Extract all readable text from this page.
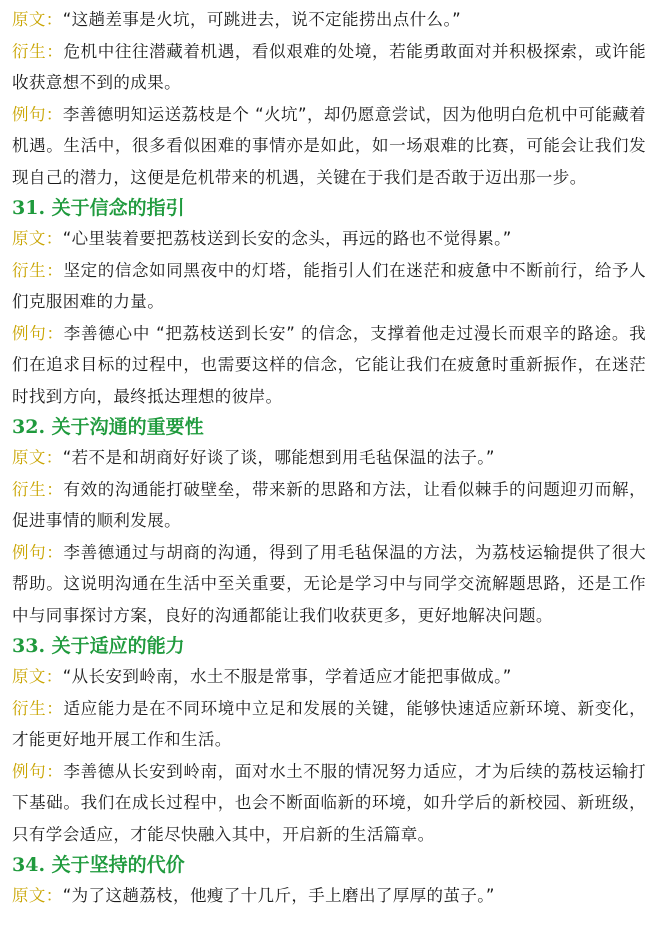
原文：“这趟差事是火坑，可跳进去，说不定能捞出点什么。”

衍生：危机中往往潜藏着机遇，看似艰难的处境，若能勇敢面对并积极探索，或许能收获意想不到的成果。

例句：李善德明知运送荔枝是个 “火坑”，却仍愿意尝试，因为他明白危机中可能藏着机遇。生活中，很多看似困难的事情亦是如此，如一场艰难的比赛，可能会让我们发现自己的潜力，这便是危机带来的机遇，关键在于我们是否敢于迈出那一步。

31. 关于信念的指引

原文：“心里装着要把荔枝送到长安的念头，再远的路也不觉得累。”

衍生：坚定的信念如同黑夜中的灯塔，能指引人们在迷茫和疲惫中不断前行，给予人们克服困难的力量。

例句：李善德心中 “把荔枝送到长安” 的信念，支撑着他走过漫长而艰辛的路途。我们在追求目标的过程中，也需要这样的信念，它能让我们在疲惫时重新振作，在迷茫时找到方向，最终抵达理想的彼岸。

32. 关于沟通的重要性

原文：“若不是和胡商好好谈了谈，哪能想到用毛毡保温的法子。”

衍生：有效的沟通能打破壁垒，带来新的思路和方法，让看似棘手的问题迎刃而解，促进事情的顺利发展。

例句：李善德通过与胡商的沟通，得到了用毛毡保温的方法，为荔枝运输提供了很大帮助。这说明沟通在生活中至关重要，无论是学习中与同学交流解题思路，还是工作中与同事探讨方案，良好的沟通都能让我们收获更多，更好地解决问题。

33. 关于适应的能力

原文：“从长安到岭南，水土不服是常事，学着适应才能把事做成。”

衍生：适应能力是在不同环境中立足和发展的关键，能够快速适应新环境、新变化，才能更好地开展工作和生活。

例句：李善德从长安到岭南，面对水土不服的情况努力适应，才为后续的荔枝运输打下基础。我们在成长过程中，也会不断面临新的环境，如升学后的新校园、新班级，只有学会适应，才能尽快融入其中，开启新的生活篇章。

34. 关于坚持的代价

原文：“为了这趟荔枝，他瘦了十几斤，手上磨出了厚厚的茧子。”
